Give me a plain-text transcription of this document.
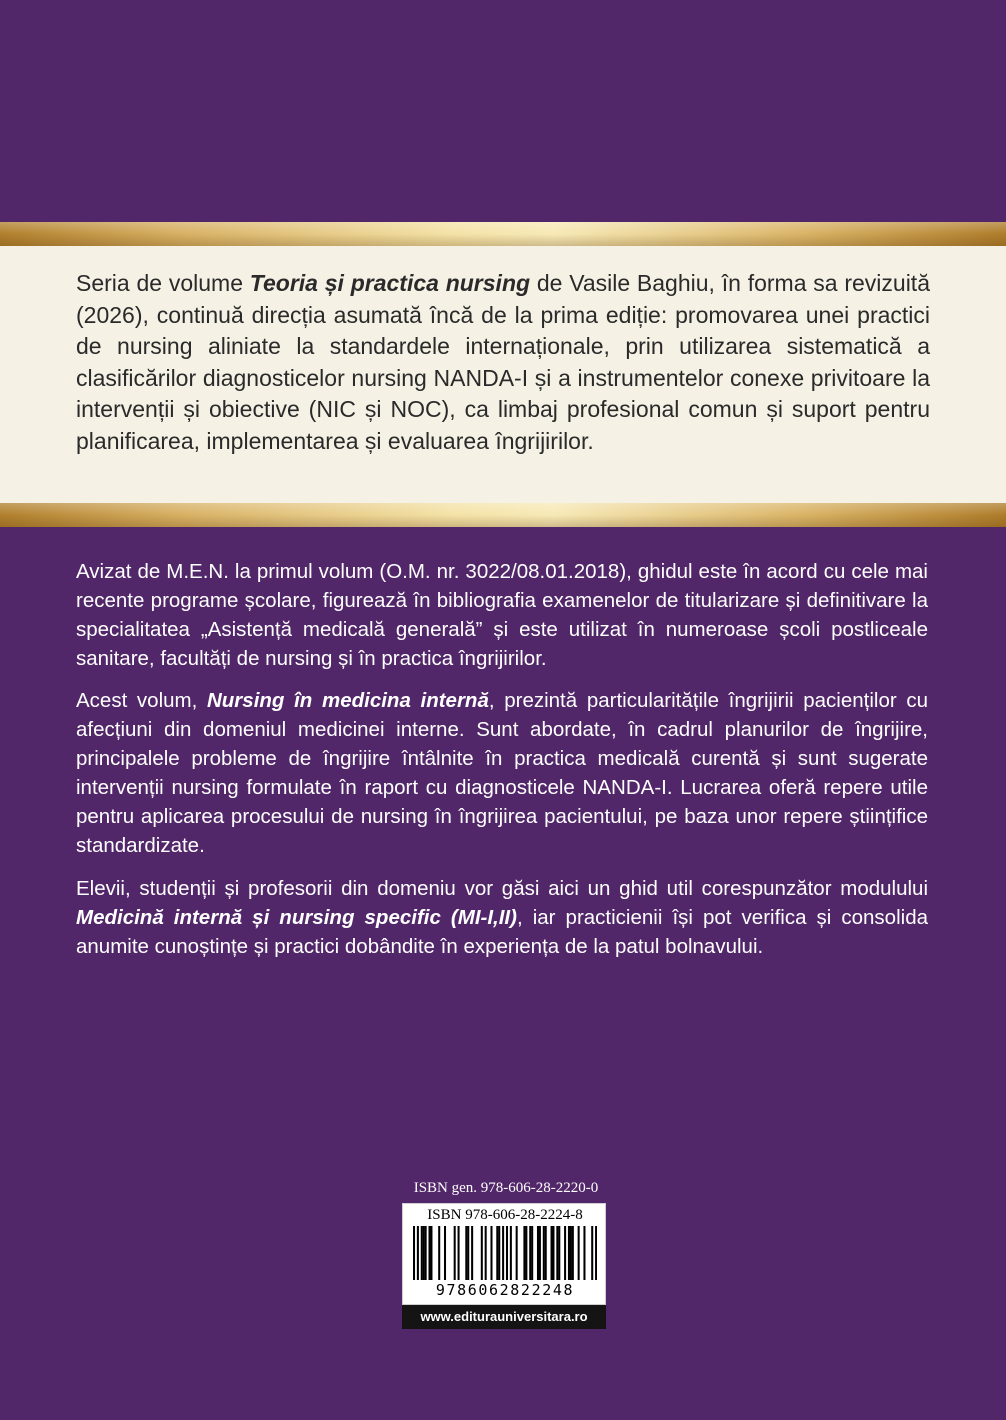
Seria de volume Teoria și practica nursing de Vasile Baghiu, în forma sa revizuită (2026), continuă direcția asumată încă de la prima ediție: promovarea unei practici de nursing aliniate la standardele internaționale, prin utilizarea sistematică a clasificărilor diagnosticelor nursing NANDA-I și a instrumentelor conexe privitoare la intervenții și obiective (NIC și NOC), ca limbaj profesional comun și suport pentru planificarea, implementarea și evaluarea îngrijirilor.
Avizat de M.E.N. la primul volum (O.M. nr. 3022/08.01.2018), ghidul este în acord cu cele mai recente programe școlare, figurează în bibliografia examenelor de titularizare și definitivare la specialitatea „Asistență medicală generală” și este utilizat în numeroase școli postliceale sanitare, facultăți de nursing și în practica îngrijirilor.
Acest volum, Nursing în medicina internă, prezintă particularitățile îngrijirii pacienților cu afecțiuni din domeniul medicinei interne. Sunt abordate, în cadrul planurilor de îngrijire, principalele probleme de îngrijire întâlnite în practica medicală curentă și sunt sugerate intervenții nursing formulate în raport cu diagnosticele NANDA-I. Lucrarea oferă repere utile pentru aplicarea procesului de nursing în îngrijirea pacientului, pe baza unor repere științifice standardizate.
Elevii, studenții și profesorii din domeniu vor găsi aici un ghid util corespunzător modulului Medicină internă și nursing specific (MI-I,II), iar practicienii își pot verifica și consolida anumite cunoștințe și practici dobândite în experiența de la patul bolnavului.
ISBN gen. 978-606-28-2220-0
ISBN 978-606-28-2224-8
9786062822248
www.editurauniversitara.ro
